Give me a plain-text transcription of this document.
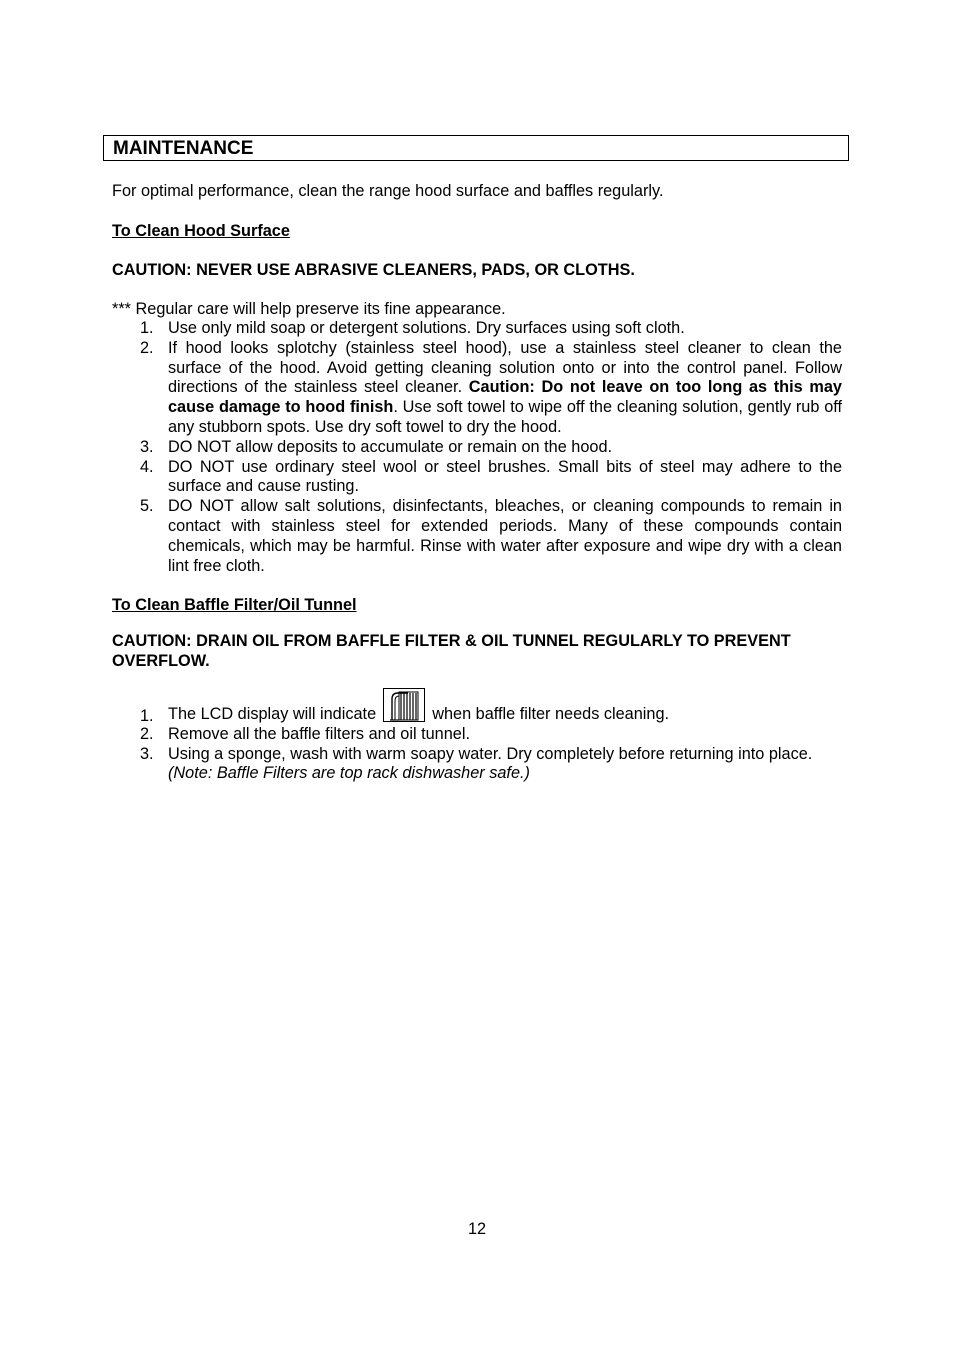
MAINTENANCE
For optimal performance, clean the range hood surface and baffles regularly.
To Clean Hood Surface
CAUTION: NEVER USE ABRASIVE CLEANERS, PADS, OR CLOTHS.
*** Regular care will help preserve its fine appearance.
1. Use only mild soap or detergent solutions. Dry surfaces using soft cloth.
2. If hood looks splotchy (stainless steel hood), use a stainless steel cleaner to clean the surface of the hood. Avoid getting cleaning solution onto or into the control panel. Follow directions of the stainless steel cleaner. Caution: Do not leave on too long as this may cause damage to hood finish. Use soft towel to wipe off the cleaning solution, gently rub off any stubborn spots. Use dry soft towel to dry the hood.
3. DO NOT allow deposits to accumulate or remain on the hood.
4. DO NOT use ordinary steel wool or steel brushes. Small bits of steel may adhere to the surface and cause rusting.
5. DO NOT allow salt solutions, disinfectants, bleaches, or cleaning compounds to remain in contact with stainless steel for extended periods. Many of these compounds contain chemicals, which may be harmful. Rinse with water after exposure and wipe dry with a clean lint free cloth.
To Clean Baffle Filter/Oil Tunnel
CAUTION: DRAIN OIL FROM BAFFLE FILTER & OIL TUNNEL REGULARLY TO PREVENT OVERFLOW.
1. The LCD display will indicate	when baffle filter needs cleaning.
2. Remove all the baffle filters and oil tunnel.
3. Using a sponge, wash with warm soapy water. Dry completely before returning into place.
(Note: Baffle Filters are top rack dishwasher safe.)
12
